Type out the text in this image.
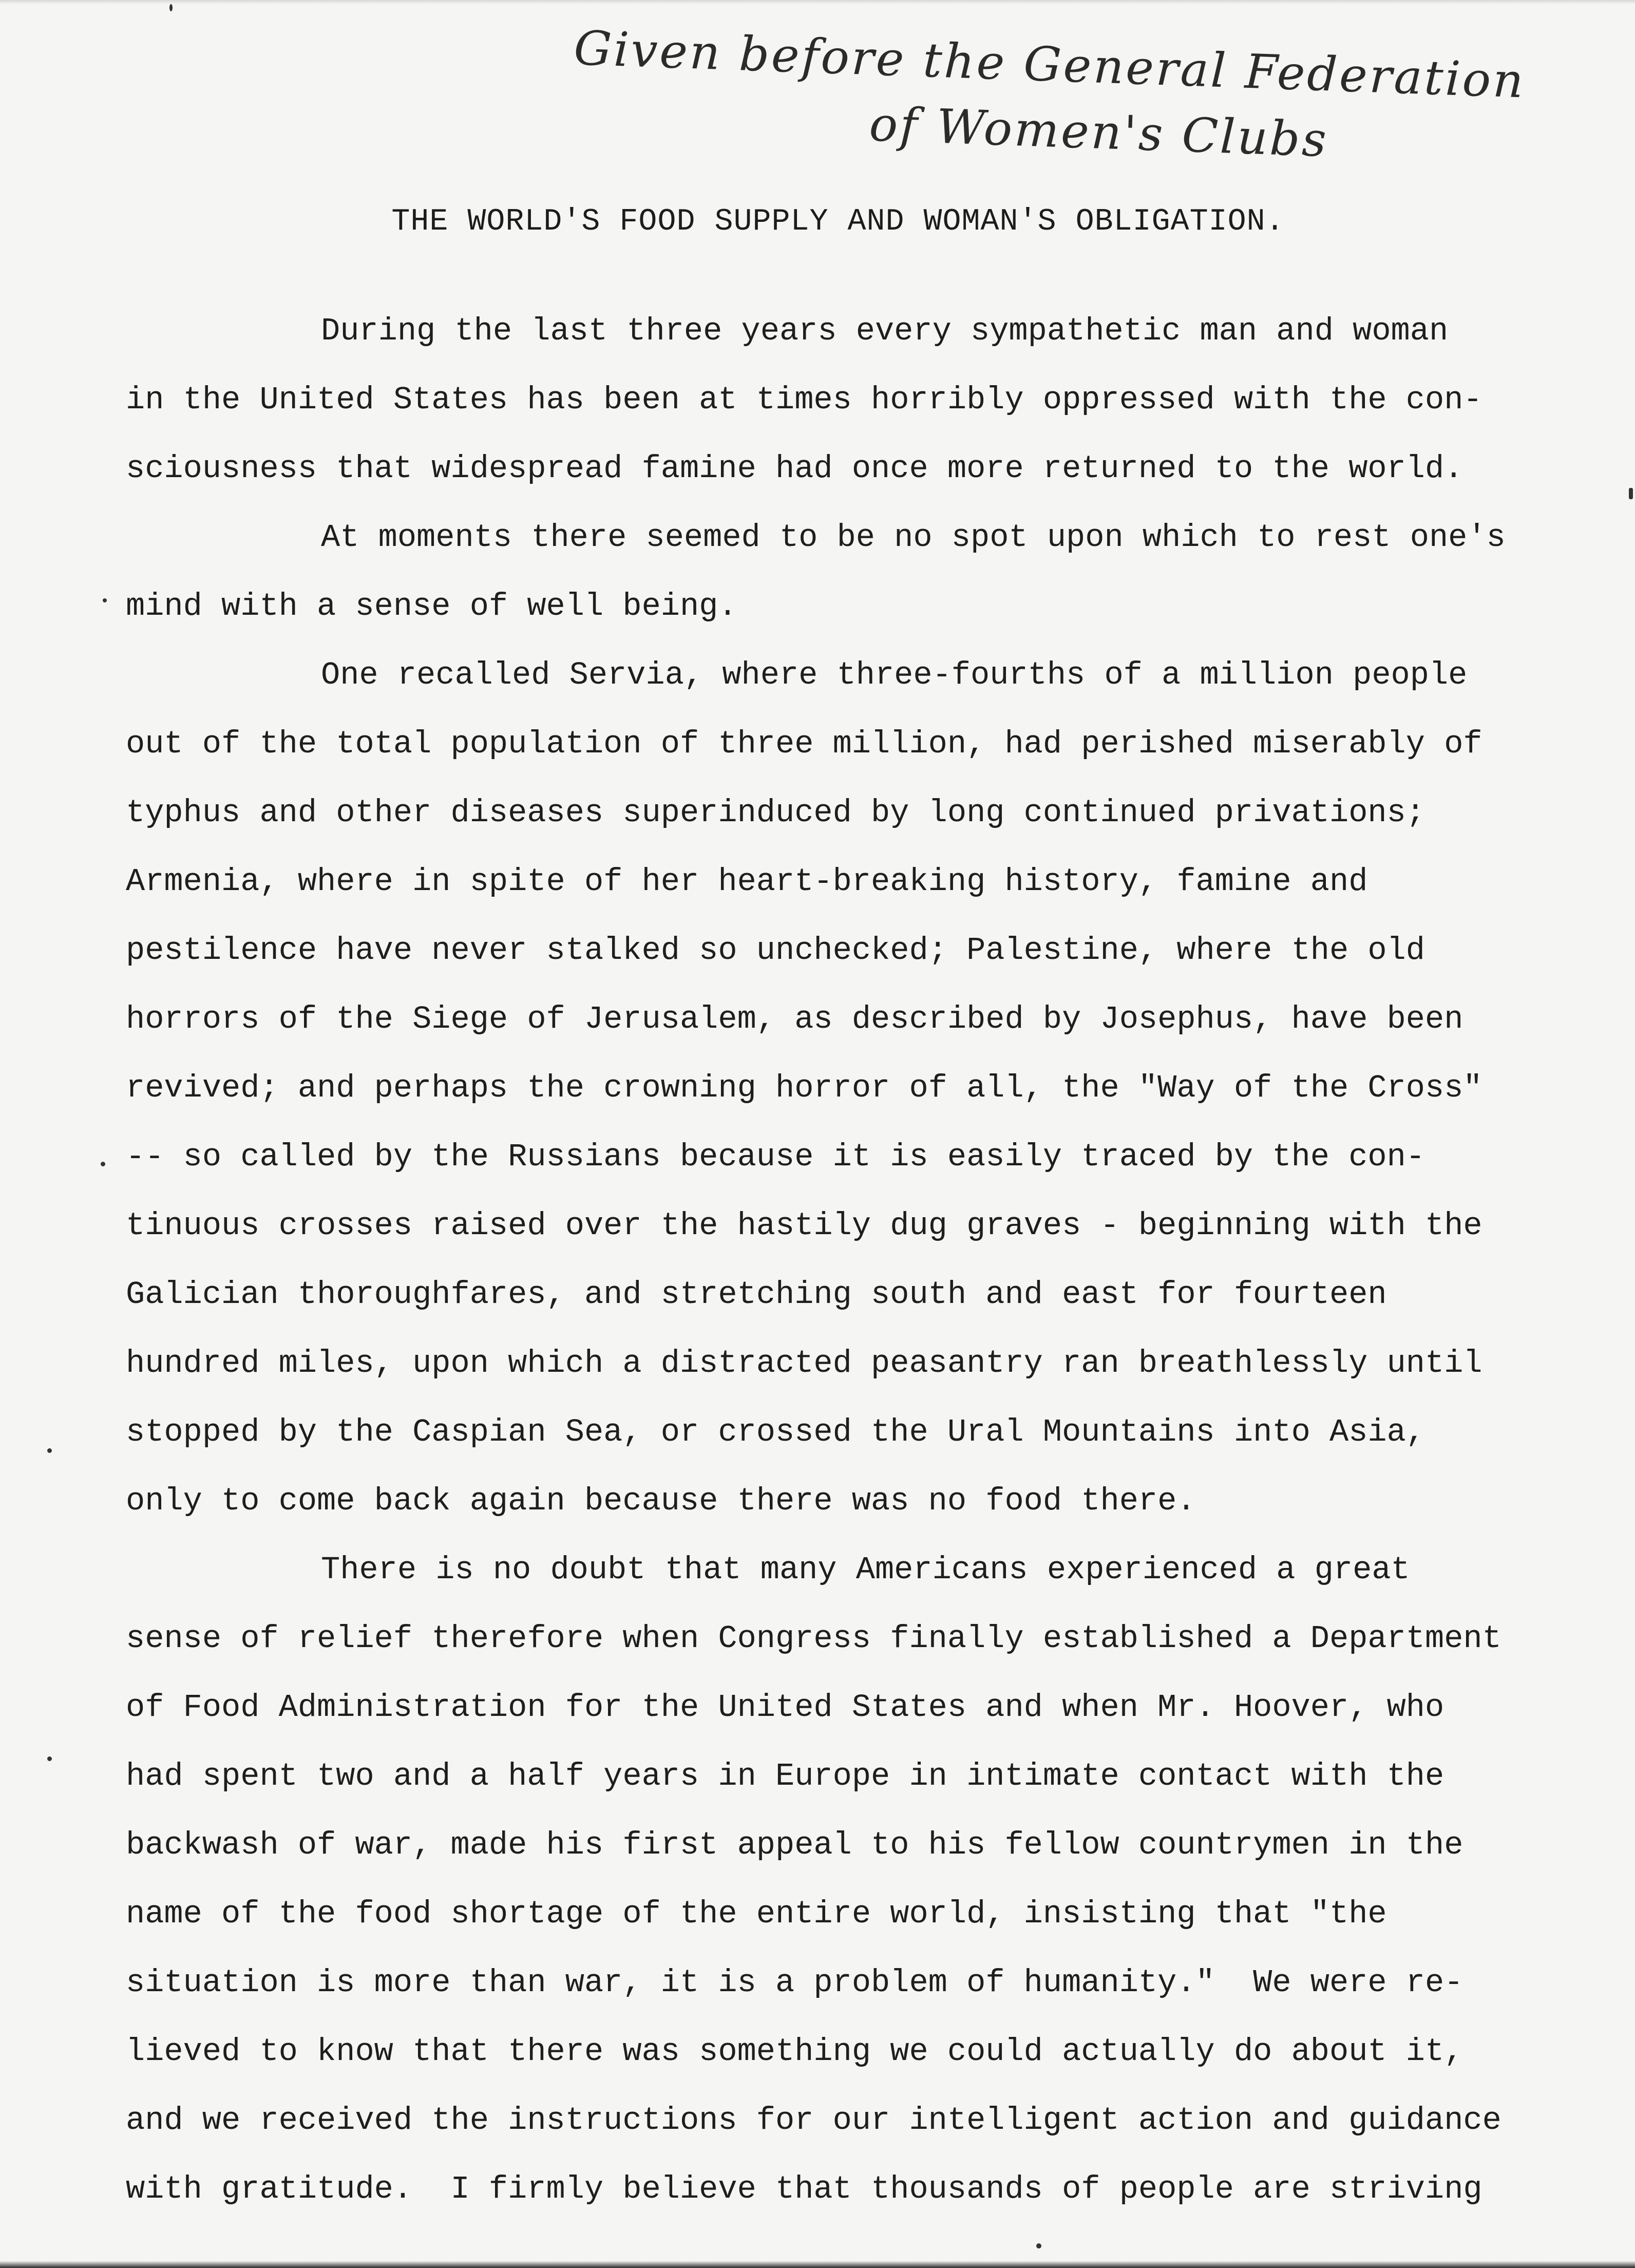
Given before the General Federation
of Women's Clubs
THE WORLD'S FOOD SUPPLY AND WOMAN'S OBLIGATION.
During the last three years every sympathetic man and woman
in the United States has been at times horribly oppressed with the con-
sciousness that widespread famine had once more returned to the world.
At moments there seemed to be no spot upon which to rest one's
mind with a sense of well being.
One recalled Servia, where three-fourths of a million people
out of the total population of three million, had perished miserably of
typhus and other diseases superinduced by long continued privations;
Armenia, where in spite of her heart-breaking history, famine and
pestilence have never stalked so unchecked; Palestine, where the old
horrors of the Siege of Jerusalem, as described by Josephus, have been
revived; and perhaps the crowning horror of all, the "Way of the Cross"
-- so called by the Russians because it is easily traced by the con-
tinuous crosses raised over the hastily dug graves - beginning with the
Galician thoroughfares, and stretching south and east for fourteen
hundred miles, upon which a distracted peasantry ran breathlessly until
stopped by the Caspian Sea, or crossed the Ural Mountains into Asia,
only to come back again because there was no food there.
There is no doubt that many Americans experienced a great
sense of relief therefore when Congress finally established a Department
of Food Administration for the United States and when Mr. Hoover, who
had spent two and a half years in Europe in intimate contact with the
backwash of war, made his first appeal to his fellow countrymen in the
name of the food shortage of the entire world, insisting that "the
situation is more than war, it is a problem of humanity."  We were re-
lieved to know that there was something we could actually do about it,
and we received the instructions for our intelligent action and guidance
with gratitude.  I firmly believe that thousands of people are striving
